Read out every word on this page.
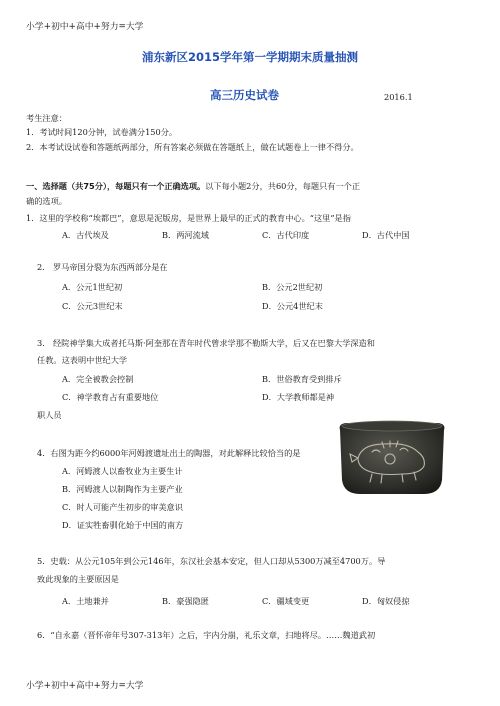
小学+初中+高中+努力=大学
浦东新区2015学年第一学期期末质量抽测
高三历史试卷	2016.1
考生注意：
1．考试时间120分钟，试卷满分150分。
2．本考试设试卷和答题纸两部分，所有答案必须做在答题纸上，做在试题卷上一律不得分。
一、选择题（共75分），每题只有一个正确选项。以下每小题2分，共60分，每题只有一个正
确的选项。
1．这里的学校称“埃都巴”，意思是泥版房，是世界上最早的正式的教育中心。“这里”是指
A．古代埃及	B．两河流域	C．古代印度	D．古代中国
2． 罗马帝国分裂为东西两部分是在
A．公元1世纪初	B．公元2世纪初
C．公元3世纪末	D．公元4世纪末
3． 经院神学集大成者托马斯·阿奎那在青年时代曾求学那不勒斯大学，后又在巴黎大学深造和
任教。这表明中世纪大学
A．完全被教会控制	B．世俗教育受到排斥
C．神学教育占有重要地位	D．大学教师都是神
职人员
4．右图为距今约6000年河姆渡遗址出土的陶器，对此解释比较恰当的是
A．河姆渡人以畜牧业为主要生计
B．河姆渡人以制陶作为主要产业
C．时人可能产生初步的审美意识
D．证实牲畜驯化始于中国的南方
5．史载：从公元105年到公元146年，东汉社会基本安定，但人口却从5300万减至4700万。导
致此现象的主要原因是
A．土地兼并	B．豪强隐匿	C．疆域变更	D．匈奴侵掠
6．“自永嘉（晋怀帝年号307-313年）之后，宇内分崩，礼乐文章，扫地将尽。……魏道武初
小学+初中+高中+努力=大学
